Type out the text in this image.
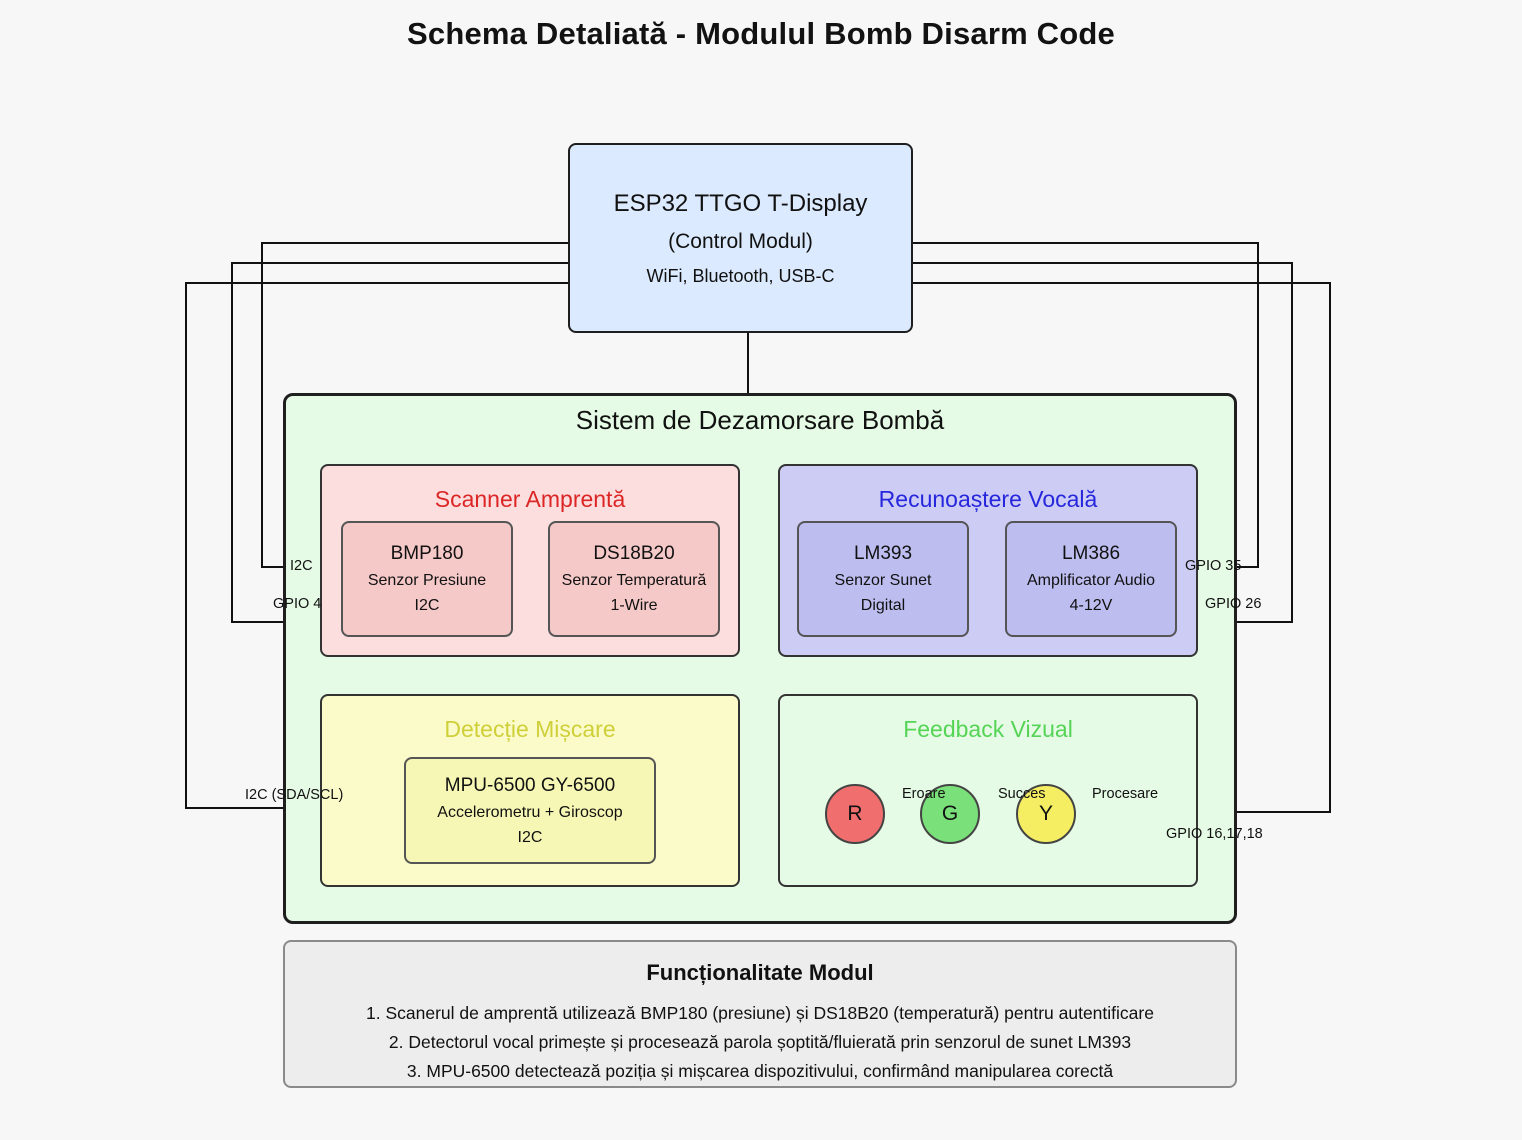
Schema Detaliată - Modulul Bomb Disarm Code
ESP32 TTGO T-Display
(Control Modul)
WiFi, Bluetooth, USB-C
Sistem de Dezamorsare Bombă
Scanner Amprentă
BMP180
Senzor Presiune
I2C
DS18B20
Senzor Temperatură
1-Wire
Recunoaștere Vocală
LM393
Senzor Sunet
Digital
LM386
Amplificator Audio
4-12V
Detecție Mișcare
MPU-6500 GY-6500
Accelerometru + Giroscop
I2C
Feedback Vizual
R	G	Y
Eroare	Succes	Procesare
I2C
GPIO 4
GPIO 35
GPIO 26
I2C (SDA/SCL)
GPIO 16,17,18
Funcționalitate Modul
1. Scanerul de amprentă utilizează BMP180 (presiune) și DS18B20 (temperatură) pentru autentificare
2. Detectorul vocal primește și procesează parola șoptită/fluierată prin senzorul de sunet LM393
3. MPU-6500 detectează poziția și mișcarea dispozitivului, confirmând manipularea corectă
